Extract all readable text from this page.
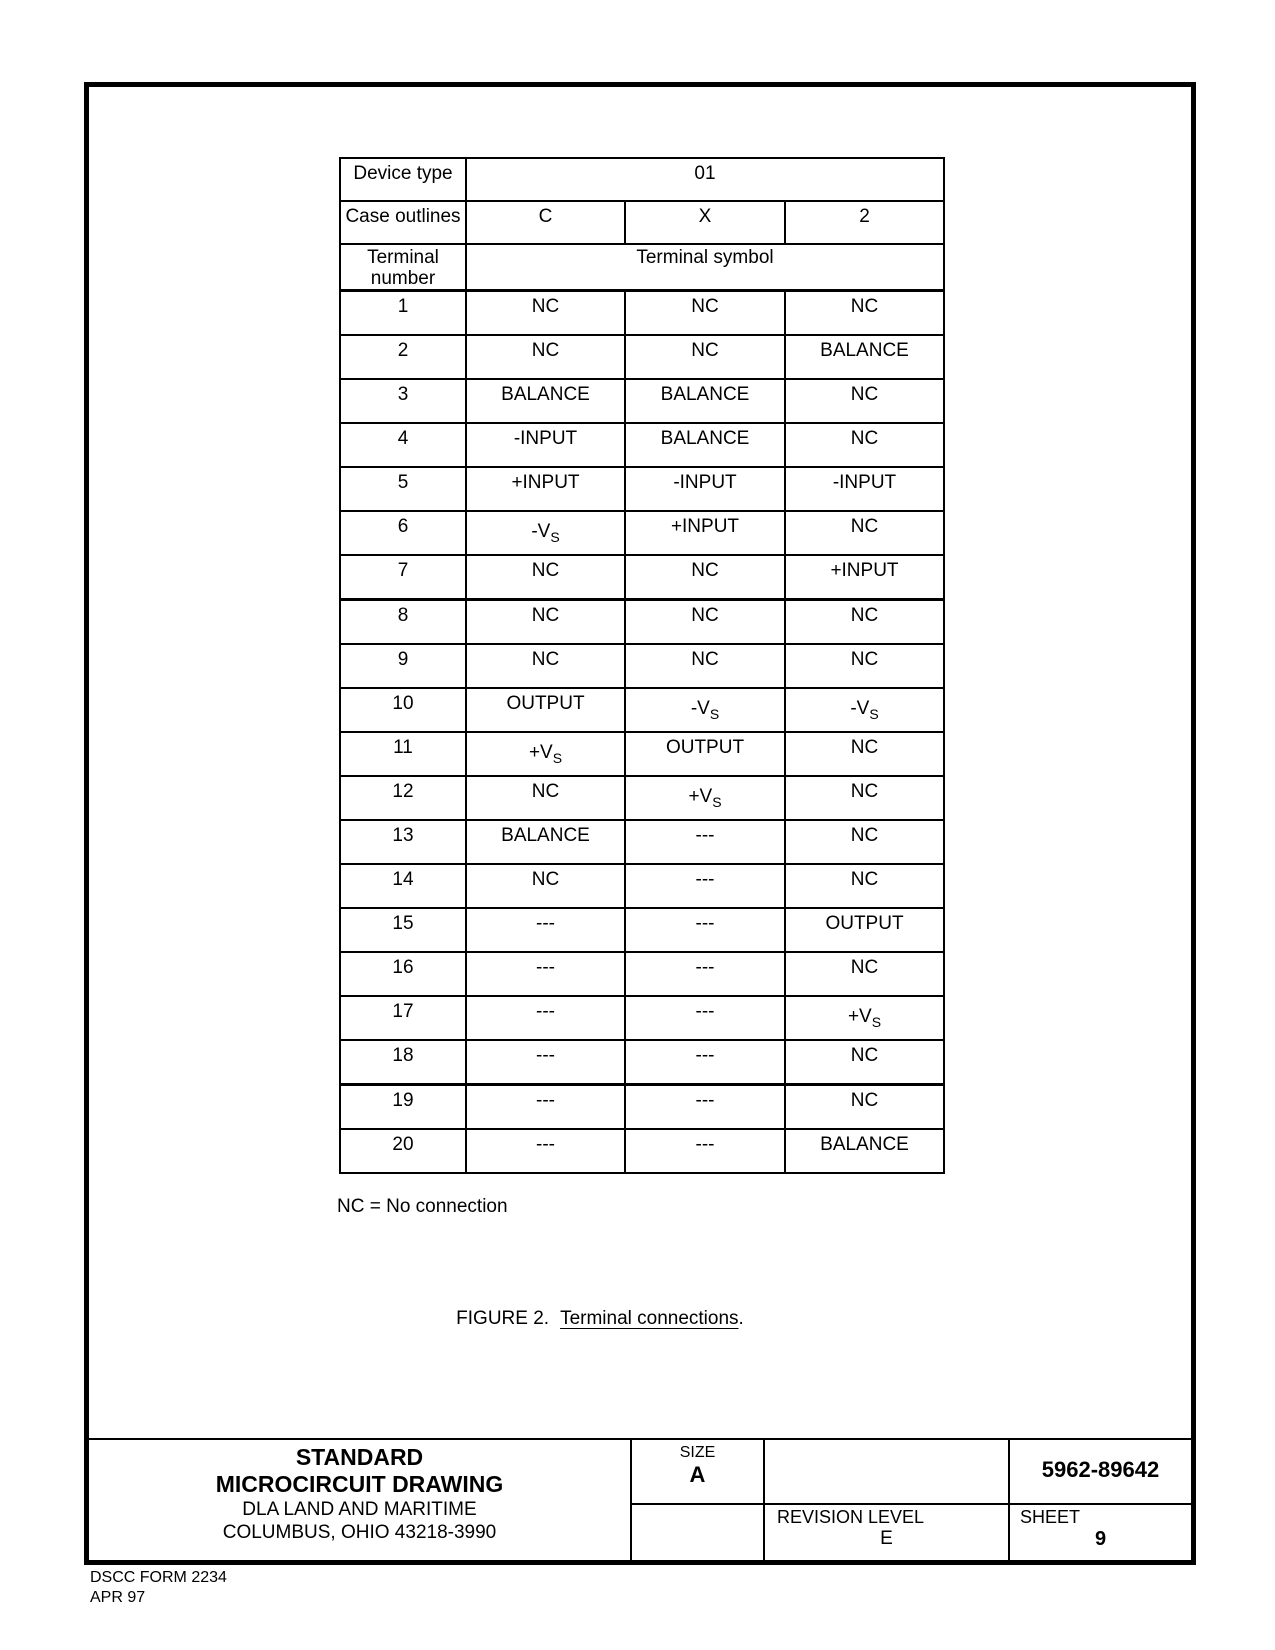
Device type	01		
Case outlines	C	X	2
Terminal
number	Terminal symbol		
1	NC	NC	NC
2	NC	NC	BALANCE
3	BALANCE	BALANCE	NC
4	-INPUT	BALANCE	NC
5	+INPUT	-INPUT	-INPUT
6	$-V_S$	+INPUT	NC
7	NC	NC	+INPUT
8	NC	NC	NC
9	NC	NC	NC
10	OUTPUT	$-V_S$	$-V_S$
11	$+V_S$	OUTPUT	NC
12	NC	$+V_S$	NC
13	BALANCE	---	NC
14	NC	---	NC
15	---	---	OUTPUT
16	---	---	NC
17	---	---	$+V_S$
18	---	---	NC
19	---	---	NC
20	---	---	BALANCE
NC = No connection
FIGURE 2. Terminal connections.
STANDARD
MICROCIRCUIT DRAWING
DLA LAND AND MARITIME
COLUMBUS, OHIO 43218-3990
SIZE
A	5962-89642
REVISION LEVEL
E
SHEET
9
DSCC FORM 2234
APR 97
